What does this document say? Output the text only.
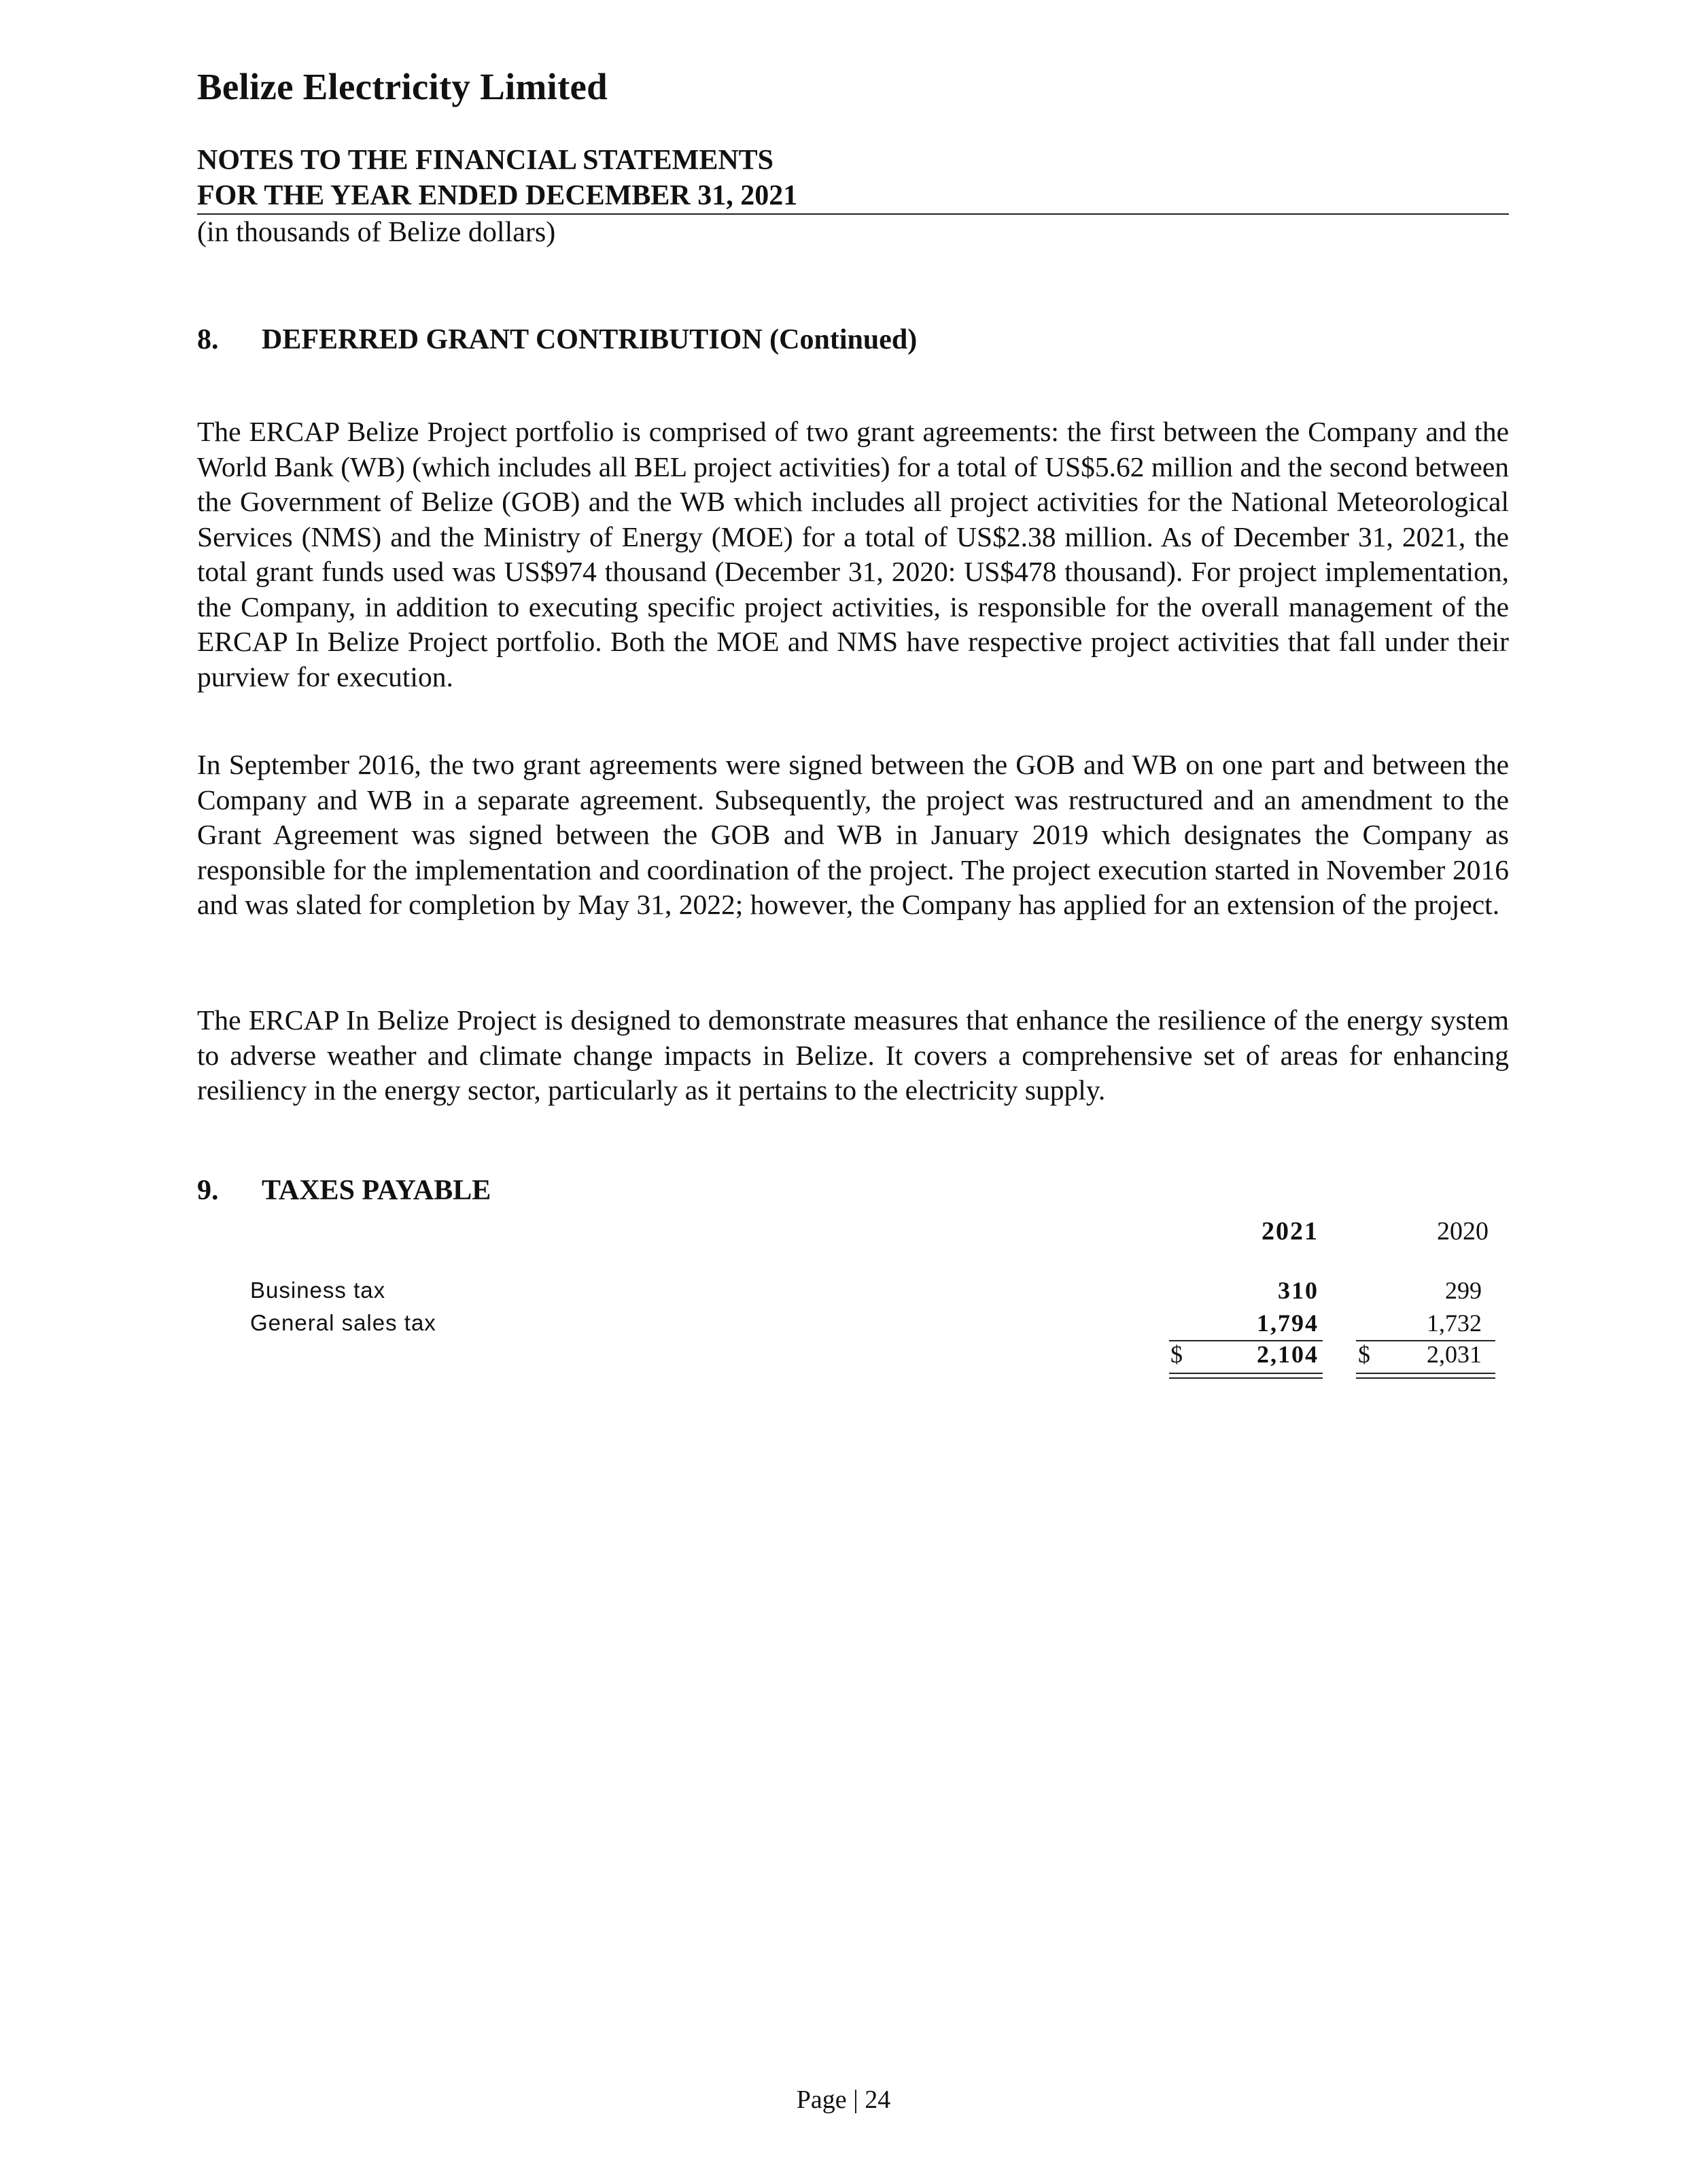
Belize Electricity Limited
NOTES TO THE FINANCIAL STATEMENTS
FOR THE YEAR ENDED DECEMBER 31, 2021
(in thousands of Belize dollars)
8. DEFERRED GRANT CONTRIBUTION (Continued)
The ERCAP Belize Project portfolio is comprised of two grant agreements: the first between the Company and the World Bank (WB) (which includes all BEL project activities) for a total of US$5.62 million and the second between the Government of Belize (GOB) and the WB which includes all project activities for the National Meteorological Services (NMS) and the Ministry of Energy (MOE) for a total of US$2.38 million. As of December 31, 2021, the total grant funds used was US$974 thousand (December 31, 2020: US$478 thousand). For project implementation, the Company, in addition to executing specific project activities, is responsible for the overall management of the ERCAP In Belize Project portfolio. Both the MOE and NMS have respective project activities that fall under their purview for execution.
In September 2016, the two grant agreements were signed between the GOB and WB on one part and between the Company and WB in a separate agreement. Subsequently, the project was restructured and an amendment to the Grant Agreement was signed between the GOB and WB in January 2019 which designates the Company as responsible for the implementation and coordination of the project. The project execution started in November 2016 and was slated for completion by May 31, 2022; however, the Company has applied for an extension of the project.
The ERCAP In Belize Project is designed to demonstrate measures that enhance the resilience of the energy system to adverse weather and climate change impacts in Belize. It covers a comprehensive set of areas for enhancing resiliency in the energy sector, particularly as it pertains to the electricity supply.
9. TAXES PAYABLE
2021	2020
Business tax	310	299
General sales tax	1,794	1,732
$	2,104 $	2,031
Page | 24
